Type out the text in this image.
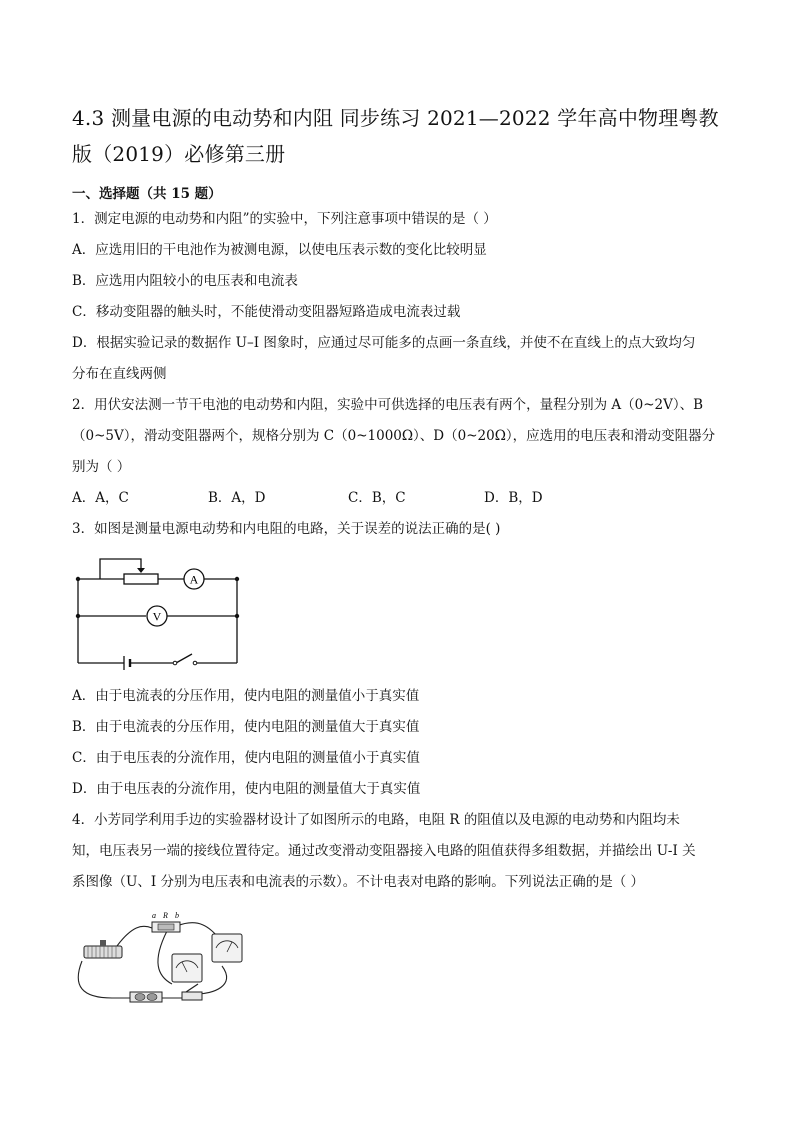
4.3 测量电源的电动势和内阻 同步练习 2021—2022 学年高中物理粤教
版（2019）必修第三册
一、选择题（共 15 题）

1．测定电源的电动势和内阻”的实验中，下列注意事项中错误的是（ ）

A．应选用旧的干电池作为被测电源，以使电压表示数的变化比较明显

B．应选用内阻较小的电压表和电流表

C．移动变阻器的触头时，不能使滑动变阻器短路造成电流表过载

D．根据实验记录的数据作 U–I 图象时，应通过尽可能多的点画一条直线，并使不在直线上的点大致均匀

分布在直线两侧

2．用伏安法测一节干电池的电动势和内阻，实验中可供选择的电压表有两个，量程分别为 A（0~2V）、B

（0~5V），滑动变阻器两个，规格分别为 C（0~1000Ω）、D（0~20Ω），应选用的电压表和滑动变阻器分

别为（ ）

A．A，C	B．A，D	C．B，C	D．B，D

3．如图是测量电源电动势和内电阻的电路，关于误差的说法正确的是( )

A
V

A．由于电流表的分压作用，使内电阻的测量值小于真实值

B．由于电流表的分压作用，使内电阻的测量值大于真实值

C．由于电压表的分流作用，使内电阻的测量值小于真实值

D．由于电压表的分流作用，使内电阻的测量值大于真实值

4．小芳同学利用手边的实验器材设计了如图所示的电路，电阻 R 的阻值以及电源的电动势和内阻均未

知，电压表另一端的接线位置待定。通过改变滑动变阻器接入电路的阻值获得多组数据，并描绘出 U-I 关

系图像（U、I 分别为电压表和电流表的示数）。不计电表对电路的影响。下列说法正确的是（ ）

a R b
